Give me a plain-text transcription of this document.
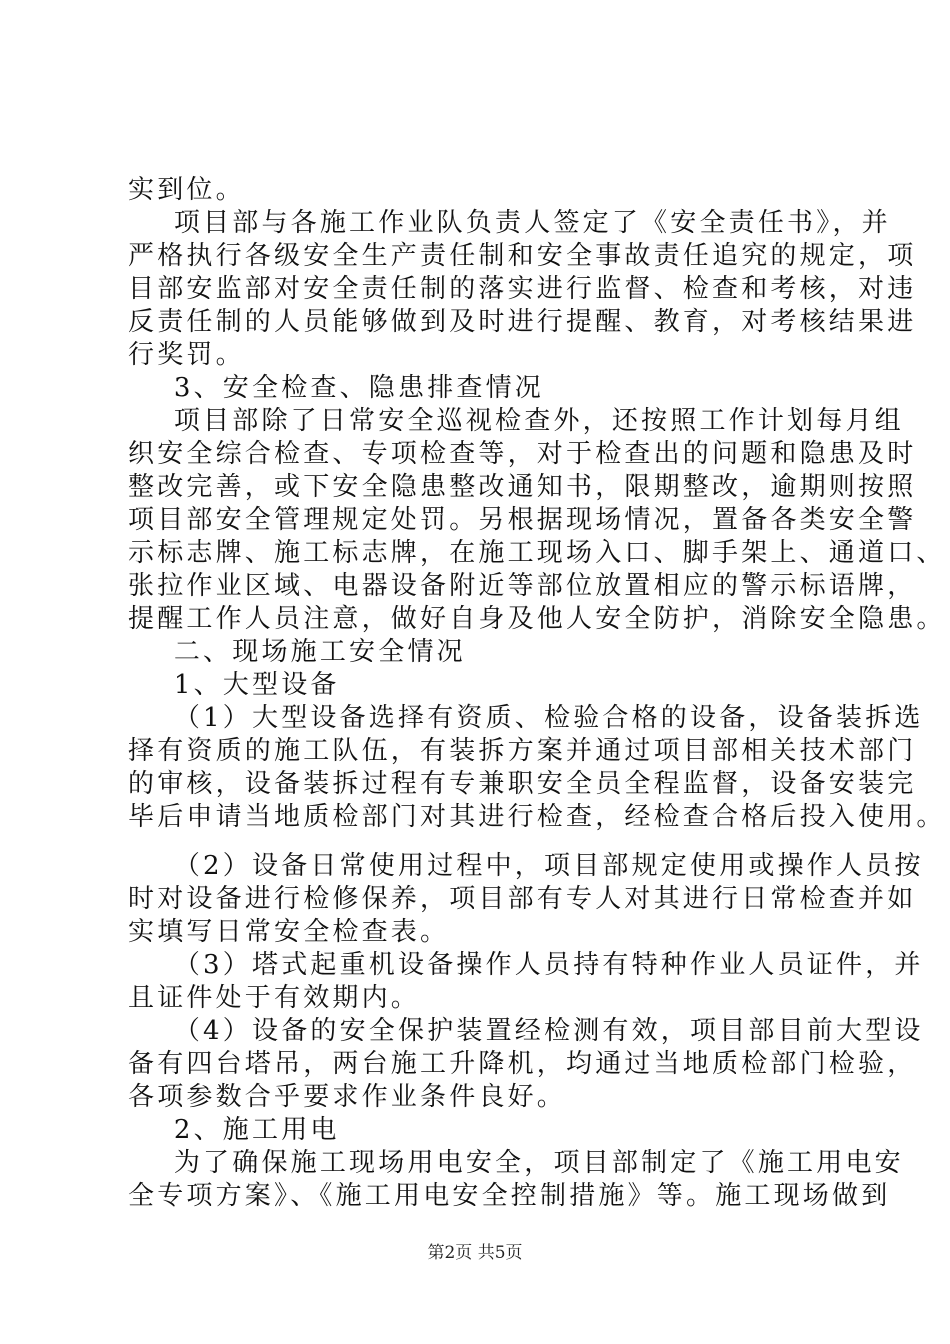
实到位。
项目部与各施工作业队负责人签定了《安全责任书》，并
严格执行各级安全生产责任制和安全事故责任追究的规定，项
目部安监部对安全责任制的落实进行监督、检查和考核，对违
反责任制的人员能够做到及时进行提醒、教育，对考核结果进
行奖罚。
3、安全检查、隐患排查情况
项目部除了日常安全巡视检查外，还按照工作计划每月组
织安全综合检查、专项检查等，对于检查出的问题和隐患及时
整改完善，或下安全隐患整改通知书，限期整改，逾期则按照
项目部安全管理规定处罚。另根据现场情况，置备各类安全警
示标志牌、施工标志牌，在施工现场入口、脚手架上、通道口、
张拉作业区域、电器设备附近等部位放置相应的警示标语牌，
提醒工作人员注意，做好自身及他人安全防护，消除安全隐患。
二、现场施工安全情况
1、大型设备
（1）大型设备选择有资质、检验合格的设备，设备装拆选
择有资质的施工队伍，有装拆方案并通过项目部相关技术部门
的审核，设备装拆过程有专兼职安全员全程监督，设备安装完
毕后申请当地质检部门对其进行检查，经检查合格后投入使用。
（2）设备日常使用过程中，项目部规定使用或操作人员按
时对设备进行检修保养，项目部有专人对其进行日常检查并如
实填写日常安全检查表。
（3）塔式起重机设备操作人员持有特种作业人员证件，并
且证件处于有效期内。
（4）设备的安全保护装置经检测有效，项目部目前大型设
备有四台塔吊，两台施工升降机，均通过当地质检部门检验，
各项参数合乎要求作业条件良好。
2、施工用电
为了确保施工现场用电安全，项目部制定了《施工用电安
全专项方案》、《施工用电安全控制措施》等。施工现场做到
第2页 共5页
